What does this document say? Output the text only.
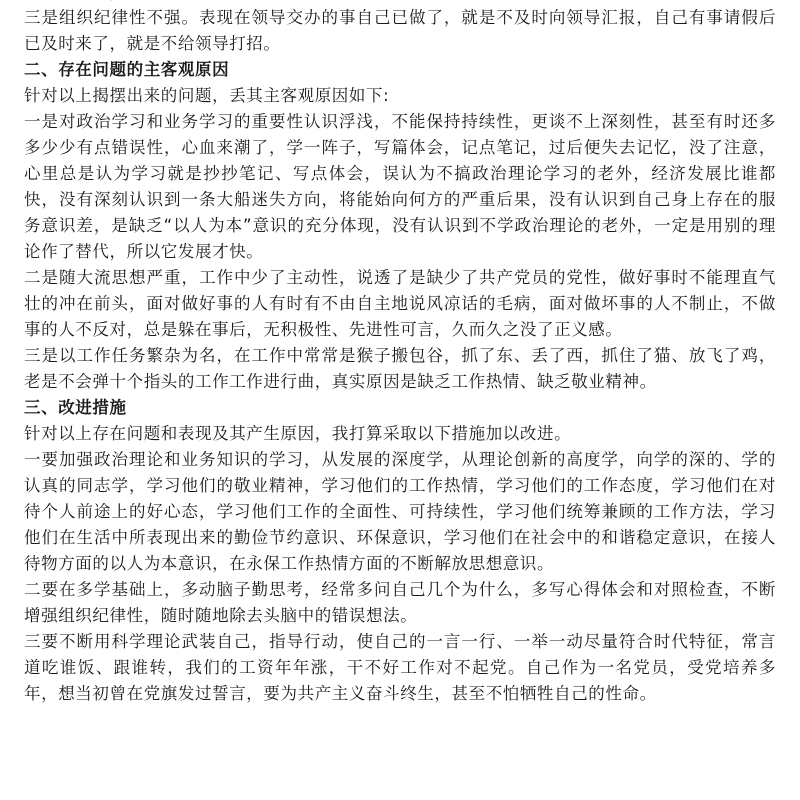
三是组织纪律性不强。表现在领导交办的事自己已做了，就是不及时向领导汇报，自己有事请假后已及时来了，就是不给领导打招。

二、存在问题的主客观原因

针对以上揭摆出来的问题，丢其主客观原因如下:

一是对政治学习和业务学习的重要性认识浮浅，不能保持持续性，更谈不上深刻性，甚至有时还多多少少有点错误性，心血来潮了，学一阵子，写篇体会，记点笔记，过后便失去记忆，没了注意，心里总是认为学习就是抄抄笔记、写点体会，误认为不搞政治理论学习的老外，经济发展比谁都快，没有深刻认识到一条大船迷失方向，将能始向何方的严重后果，没有认识到自己身上存在的服务意识差，是缺乏“以人为本”意识的充分体现，没有认识到不学政治理论的老外，一定是用别的理论作了替代，所以它发展才快。

二是随大流思想严重，工作中少了主动性，说透了是缺少了共产党员的党性，做好事时不能理直气壮的冲在前头，面对做好事的人有时有不由自主地说风凉话的毛病，面对做坏事的人不制止，不做事的人不反对，总是躲在事后，无积极性、先进性可言，久而久之没了正义感。

三是以工作任务繁杂为名，在工作中常常是猴子搬包谷，抓了东、丢了西，抓住了猫、放飞了鸡，老是不会弹十个指头的工作工作进行曲，真实原因是缺乏工作热情、缺乏敬业精神。

三、改进措施

针对以上存在问题和表现及其产生原因，我打算采取以下措施加以改进。

一要加强政治理论和业务知识的学习，从发展的深度学，从理论创新的高度学，向学的深的、学的认真的同志学，学习他们的敬业精神，学习他们的工作热情，学习他们的工作态度，学习他们在对待个人前途上的好心态，学习他们工作的全面性、可持续性，学习他们统筹兼顾的工作方法，学习他们在生活中所表现出来的勤俭节约意识、环保意识，学习他们在社会中的和谐稳定意识，在接人待物方面的以人为本意识，在永保工作热情方面的不断解放思想意识。

二要在多学基础上，多动脑子勤思考，经常多问自己几个为什么，多写心得体会和对照检查，不断增强组织纪律性，随时随地除去头脑中的错误想法。

三要不断用科学理论武装自己，指导行动，使自己的一言一行、一举一动尽量符合时代特征，常言道吃谁饭、跟谁转，我们的工资年年涨，干不好工作对不起党。自己作为一名党员，受党培养多年，想当初曾在党旗发过誓言，要为共产主义奋斗终生，甚至不怕牺牲自己的性命。
